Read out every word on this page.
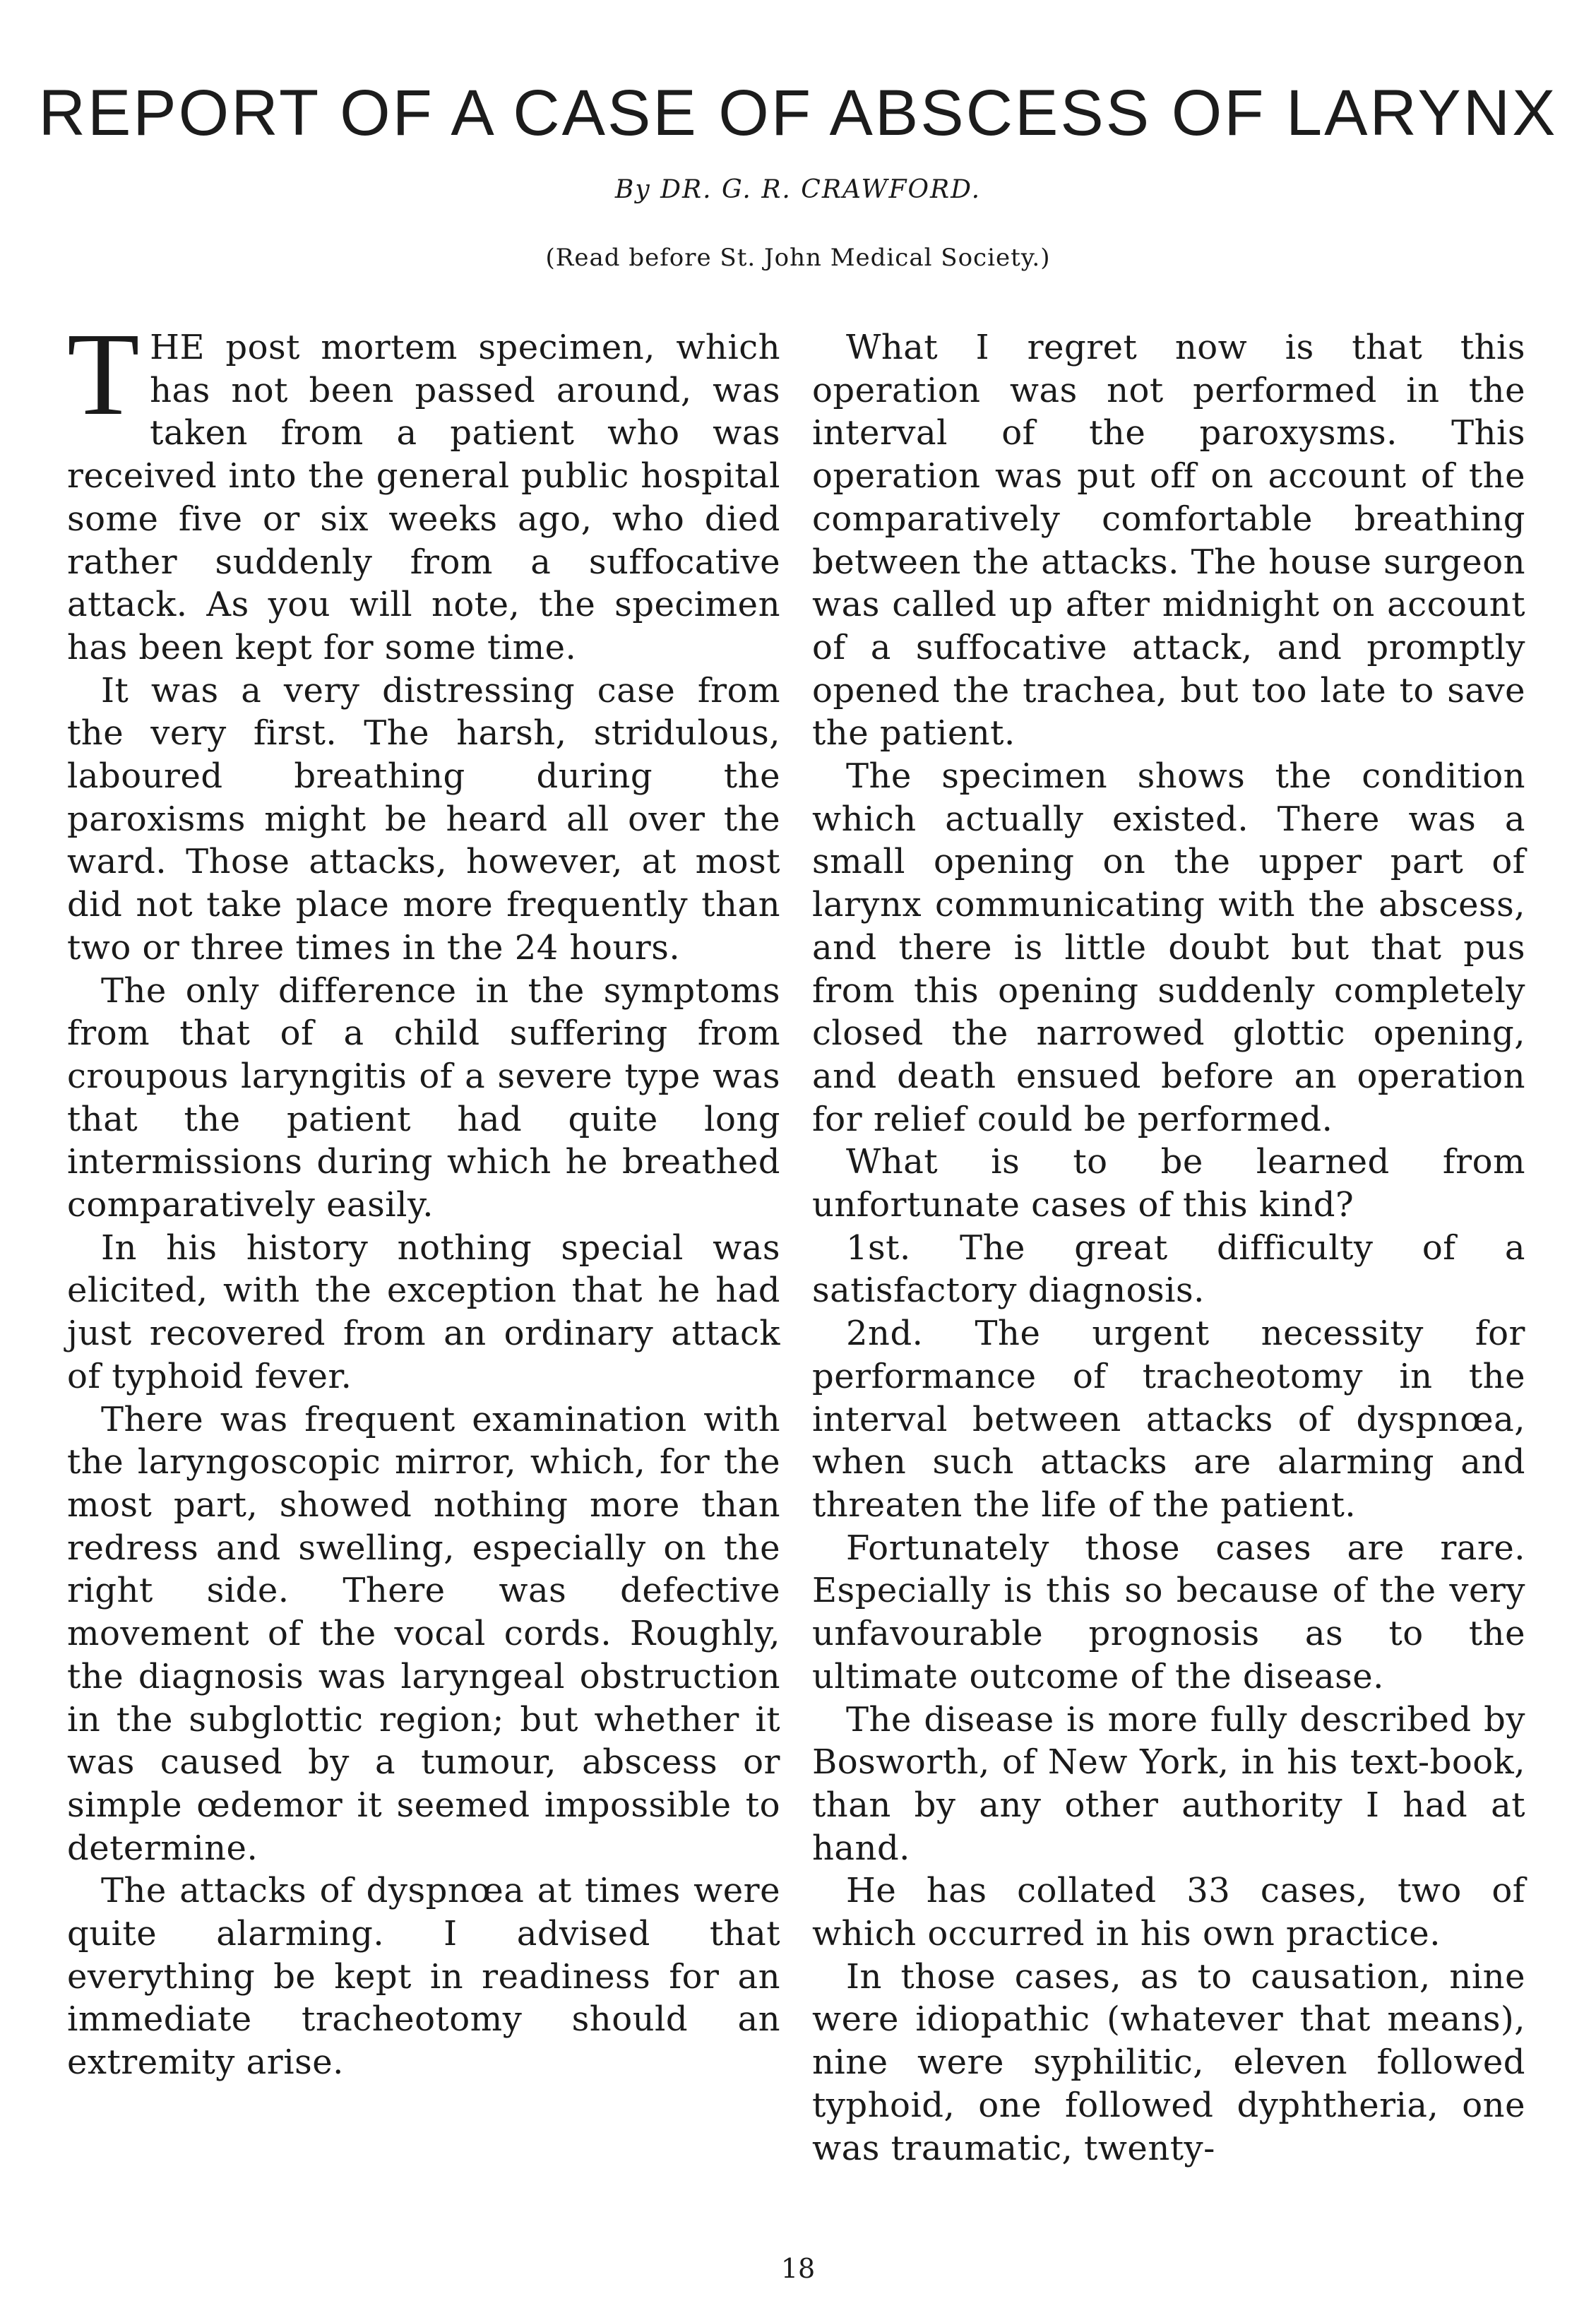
REPORT OF A CASE OF ABSCESS OF LARYNX
By DR. G. R. CRAWFORD.
(Read before St. John Medical Society.)

THE post mortem specimen, which has not been passed around, was taken from a patient who was received into the general public hospital some five or six weeks ago, who died rather suddenly from a suffocative attack. As you will note, the specimen has been kept for some time.

It was a very distressing case from the very first. The harsh, stridulous, laboured breathing during the paroxisms might be heard all over the ward. Those attacks, however, at most did not take place more frequently than two or three times in the 24 hours.

The only difference in the symptoms from that of a child suffering from croupous laryngitis of a severe type was that the patient had quite long intermissions during which he breathed comparatively easily.

In his history nothing special was elicited, with the exception that he had just recovered from an ordinary attack of typhoid fever.

There was frequent examination with the laryngoscopic mirror, which, for the most part, showed nothing more than redress and swelling, especially on the right side. There was defective movement of the vocal cords. Roughly, the diagnosis was laryngeal obstruction in the subglottic region; but whether it was caused by a tumour, abscess or simple œdemor it seemed impossible to determine.

The attacks of dyspnœa at times were quite alarming. I advised that everything be kept in readiness for an immediate tracheotomy should an extremity arise.

What I regret now is that this operation was not performed in the interval of the paroxysms. This operation was put off on account of the comparatively comfortable breathing between the attacks. The house surgeon was called up after midnight on account of a suffocative attack, and promptly opened the trachea, but too late to save the patient.

The specimen shows the condition which actually existed. There was a small opening on the upper part of larynx communicating with the abscess, and there is little doubt but that pus from this opening suddenly completely closed the narrowed glottic opening, and death ensued before an operation for relief could be performed.

What is to be learned from unfortunate cases of this kind?

1st. The great difficulty of a satisfactory diagnosis.

2nd. The urgent necessity for performance of tracheotomy in the interval between attacks of dyspnœa, when such attacks are alarming and threaten the life of the patient.

Fortunately those cases are rare. Especially is this so because of the very unfavourable prognosis as to the ultimate outcome of the disease.

The disease is more fully described by Bosworth, of New York, in his text-book, than by any other authority I had at hand.

He has collated 33 cases, two of which occurred in his own practice.

In those cases, as to causation, nine were idiopathic (whatever that means), nine were syphilitic, eleven followed typhoid, one followed dyphtheria, one was traumatic, twenty-

18
